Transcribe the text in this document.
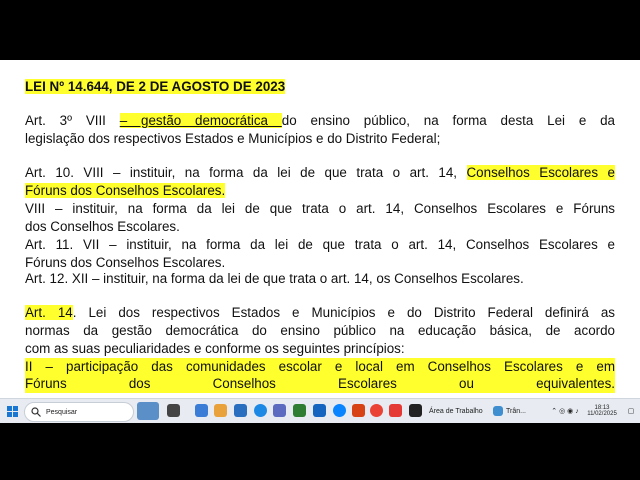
LEI Nº 14.644, DE 2 DE AGOSTO DE 2023
Art. 3º VIII – gestão democrática do ensino público, na forma desta Lei e da
legislação dos respectivos Estados e Municípios e do Distrito Federal;
Art. 10. VIII – instituir, na forma da lei de que trata o art. 14, Conselhos Escolares e
Fóruns dos Conselhos Escolares.
VIII – instituir, na forma da lei de que trata o art. 14, Conselhos Escolares e Fóruns
dos Conselhos Escolares.
Art. 11. VII – instituir, na forma da lei de que trata o art. 14, Conselhos Escolares e
Fóruns dos Conselhos Escolares.
Art. 12. XII – instituir, na forma da lei de que trata o art. 14, os Conselhos Escolares.
Art. 14. Lei dos respectivos Estados e Municípios e do Distrito Federal definirá as
normas da gestão democrática do ensino público na educação básica, de acordo
com as suas peculiaridades e conforme os seguintes princípios:
II – participação das comunidades escolar e local em Conselhos Escolares e em
Fóruns dos Conselhos Escolares ou equivalentes.
Pesquisar	Área de Trabalho	Trân...	⌃ ◎ ◉ ♪	18:13
11/02/2025 ▢
